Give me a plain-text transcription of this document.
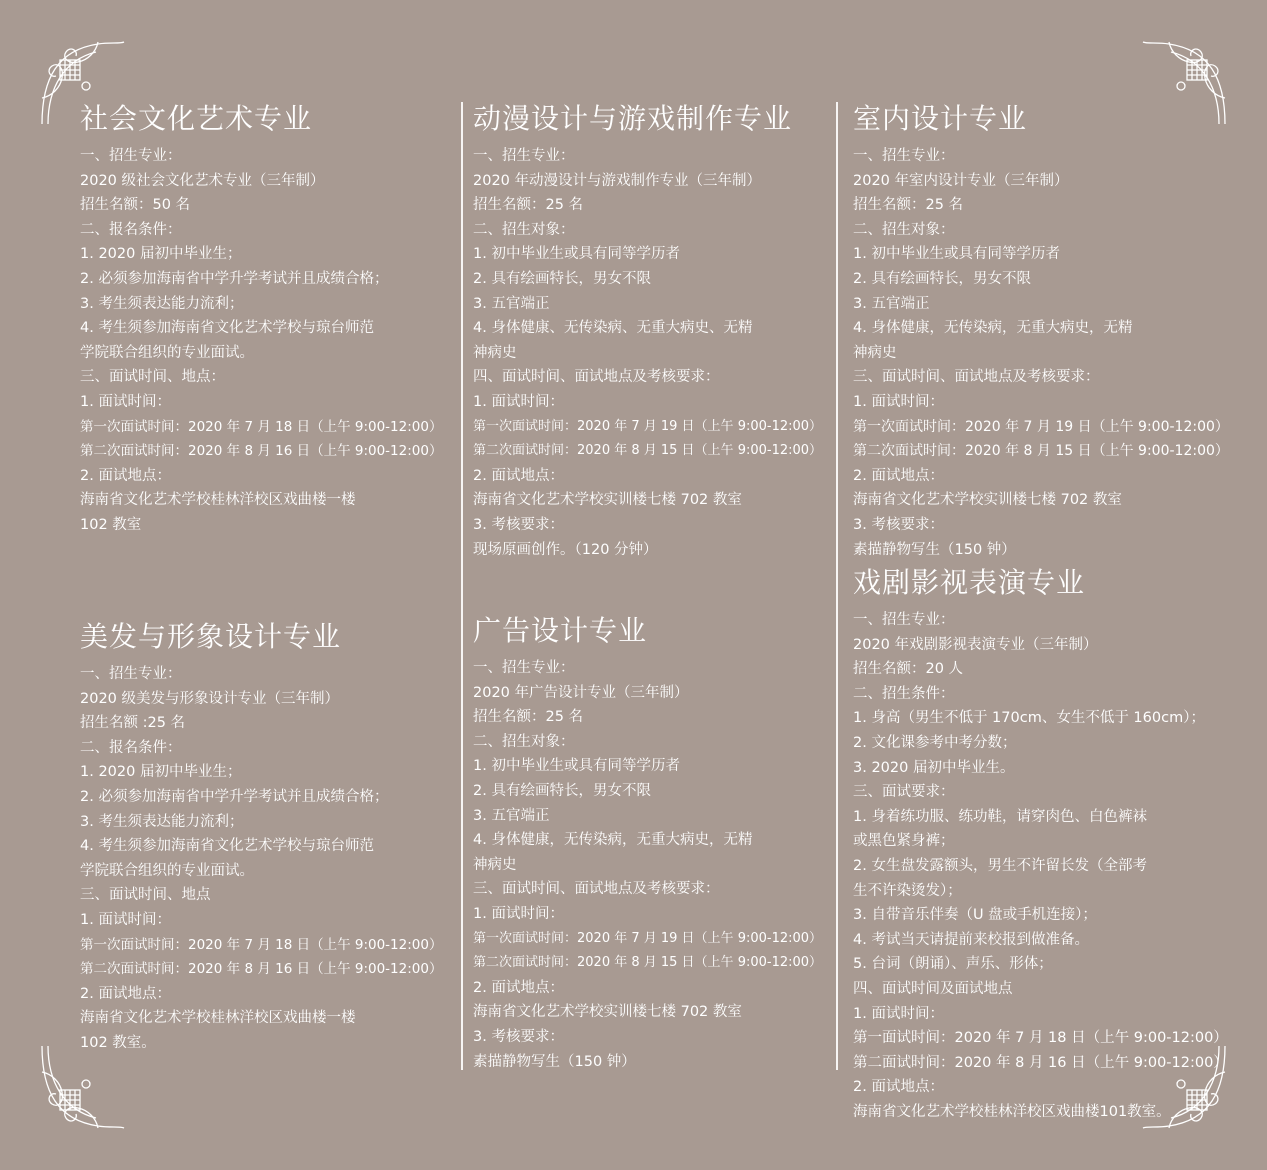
社会文化艺术专业
一、招生专业：
2020 级社会文化艺术专业（三年制）
招生名额：50 名
二、报名条件：
1. 2020 届初中毕业生；
2. 必须参加海南省中学升学考试并且成绩合格；
3. 考生须表达能力流利；
4. 考生须参加海南省文化艺术学校与琼台师范
学院联合组织的专业面试。
三、面试时间、地点：
1. 面试时间：
第一次面试时间：2020 年 7 月 18 日（上午 9:00-12:00）
第二次面试时间：2020 年 8 月 16 日（上午 9:00-12:00）
2. 面试地点：
海南省文化艺术学校桂林洋校区戏曲楼一楼
102 教室
美发与形象设计专业
一、招生专业：
2020 级美发与形象设计专业（三年制）
招生名额 :25 名
二、报名条件：
1. 2020 届初中毕业生；
2. 必须参加海南省中学升学考试并且成绩合格；
3. 考生须表达能力流利；
4. 考生须参加海南省文化艺术学校与琼台师范
学院联合组织的专业面试。
三、面试时间、地点
1. 面试时间：
第一次面试时间：2020 年 7 月 18 日（上午 9:00-12:00）
第二次面试时间：2020 年 8 月 16 日（上午 9:00-12:00）
2. 面试地点：
海南省文化艺术学校桂林洋校区戏曲楼一楼
102 教室。
动漫设计与游戏制作专业
一、招生专业：
2020 年动漫设计与游戏制作专业（三年制）
招生名额：25 名
二、招生对象：
1. 初中毕业生或具有同等学历者
2. 具有绘画特长，男女不限
3. 五官端正
4. 身体健康、无传染病、无重大病史、无精
神病史
四、面试时间、面试地点及考核要求：
1. 面试时间：
第一次面试时间：2020 年 7 月 19 日（上午 9:00-12:00）
第二次面试时间：2020 年 8 月 15 日（上午 9:00-12:00）
2. 面试地点：
海南省文化艺术学校实训楼七楼 702 教室
3. 考核要求：
现场原画创作。（120 分钟）
广告设计专业
一、招生专业：
2020 年广告设计专业（三年制）
招生名额：25 名
二、招生对象：
1. 初中毕业生或具有同等学历者
2. 具有绘画特长，男女不限
3. 五官端正
4. 身体健康，无传染病，无重大病史，无精
神病史
三、面试时间、面试地点及考核要求：
1. 面试时间：
第一次面试时间：2020 年 7 月 19 日（上午 9:00-12:00）
第二次面试时间：2020 年 8 月 15 日（上午 9:00-12:00）
2. 面试地点：
海南省文化艺术学校实训楼七楼 702 教室
3. 考核要求：
素描静物写生（150 钟）
室内设计专业
一、招生专业：
2020 年室内设计专业（三年制）
招生名额：25 名
二、招生对象：
1. 初中毕业生或具有同等学历者
2. 具有绘画特长，男女不限
3. 五官端正
4. 身体健康，无传染病，无重大病史，无精
神病史
三、面试时间、面试地点及考核要求：
1. 面试时间：
第一次面试时间：2020 年 7 月 19 日（上午 9:00-12:00）
第二次面试时间：2020 年 8 月 15 日（上午 9:00-12:00）
2. 面试地点：
海南省文化艺术学校实训楼七楼 702 教室
3. 考核要求：
素描静物写生（150 钟）
戏剧影视表演专业
一、招生专业：
2020 年戏剧影视表演专业（三年制）
招生名额：20 人
二、招生条件：
1. 身高（男生不低于 170cm、女生不低于 160cm）；
2. 文化课参考中考分数；
3. 2020 届初中毕业生。
三、面试要求：
1. 身着练功服、练功鞋，请穿肉色、白色裤袜
或黑色紧身裤；
2. 女生盘发露额头，男生不许留长发（全部考
生不许染烫发）；
3. 自带音乐伴奏（U 盘或手机连接）；
4. 考试当天请提前来校报到做准备。
5. 台词（朗诵）、声乐、形体；
四、面试时间及面试地点
1. 面试时间：
第一面试时间：2020 年 7 月 18 日（上午 9:00-12:00）
第二面试时间：2020 年 8 月 16 日（上午 9:00-12:00）
2. 面试地点：
海南省文化艺术学校桂林洋校区戏曲楼101教室。
